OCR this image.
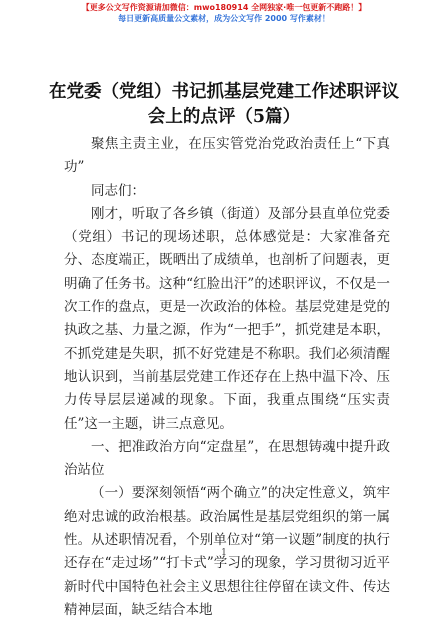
【更多公文写作资源请加微信：mwo180914 全网独家·唯一包更新不跑路！】
每日更新高质量公文素材，成为公文写作 2000 写作素材！
在党委（党组）书记抓基层党建工作述职评议
会上的点评（5篇）

聚焦主责主业，在压实管党治党政治责任上“下真功”

同志们：

刚才，听取了各乡镇（街道）及部分县直单位党委（党组）书记的现场述职，总体感觉是：大家准备充分、态度端正，既晒出了成绩单，也剖析了问题表，更明确了任务书。这种“红脸出汗”的述职评议，不仅是一次工作的盘点，更是一次政治的体检。基层党建是党的执政之基、力量之源，作为“一把手”，抓党建是本职，不抓党建是失职，抓不好党建是不称职。我们必须清醒地认识到，当前基层党建工作还存在上热中温下冷、压力传导层层递减的现象。下面，我重点围绕“压实责任”这一主题，讲三点意见。

一、把准政治方向“定盘星”，在思想铸魂中提升政治站位

（一）要深刻领悟“两个确立”的决定性意义，筑牢绝对忠诚的政治根基。政治属性是基层党组织的第一属性。从述职情况看，个别单位对“第一议题”制度的执行还存在“走过场”“打卡式”学习的现象，学习贯彻习近平新时代中国特色社会主义思想往往停留在读文件、传达精神层面，缺乏结合本地

1
